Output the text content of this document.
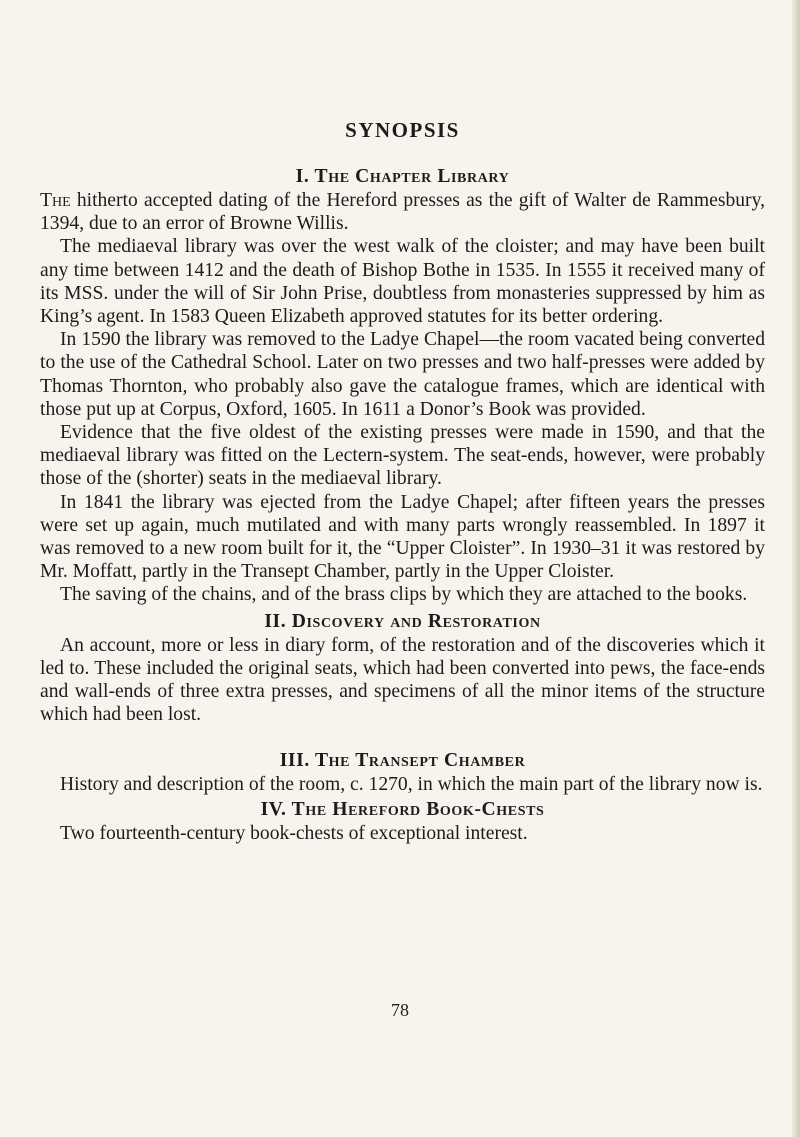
SYNOPSIS
I. The Chapter Library

The hitherto accepted dating of the Hereford presses as the gift of Walter de Rammesbury, 1394, due to an error of Browne Willis.

The mediaeval library was over the west walk of the cloister; and may have been built any time between 1412 and the death of Bishop Bothe in 1535. In 1555 it received many of its MSS. under the will of Sir John Prise, doubtless from monasteries suppressed by him as King’s agent. In 1583 Queen Elizabeth approved statutes for its better ordering.

In 1590 the library was removed to the Ladye Chapel—the room vacated being converted to the use of the Cathedral School. Later on two presses and two half-presses were added by Thomas Thornton, who probably also gave the catalogue frames, which are identical with those put up at Corpus, Oxford, 1605. In 1611 a Donor’s Book was provided.

Evidence that the five oldest of the existing presses were made in 1590, and that the mediaeval library was fitted on the Lectern-system. The seat-ends, however, were probably those of the (shorter) seats in the mediaeval library.

In 1841 the library was ejected from the Ladye Chapel; after fifteen years the presses were set up again, much mutilated and with many parts wrongly reassembled. In 1897 it was removed to a new room built for it, the “Upper Cloister”. In 1930–31 it was restored by Mr. Moffatt, partly in the Transept Chamber, partly in the Upper Cloister.

The saving of the chains, and of the brass clips by which they are attached to the books.

II. Discovery and Restoration

An account, more or less in diary form, of the restoration and of the discoveries which it led to. These included the original seats, which had been converted into pews, the face-ends and wall-ends of three extra presses, and specimens of all the minor items of the structure which had been lost.

III. The Transept Chamber

History and description of the room, c. 1270, in which the main part of the library now is.

IV. The Hereford Book-Chests

Two fourteenth-century book-chests of exceptional interest.

78
